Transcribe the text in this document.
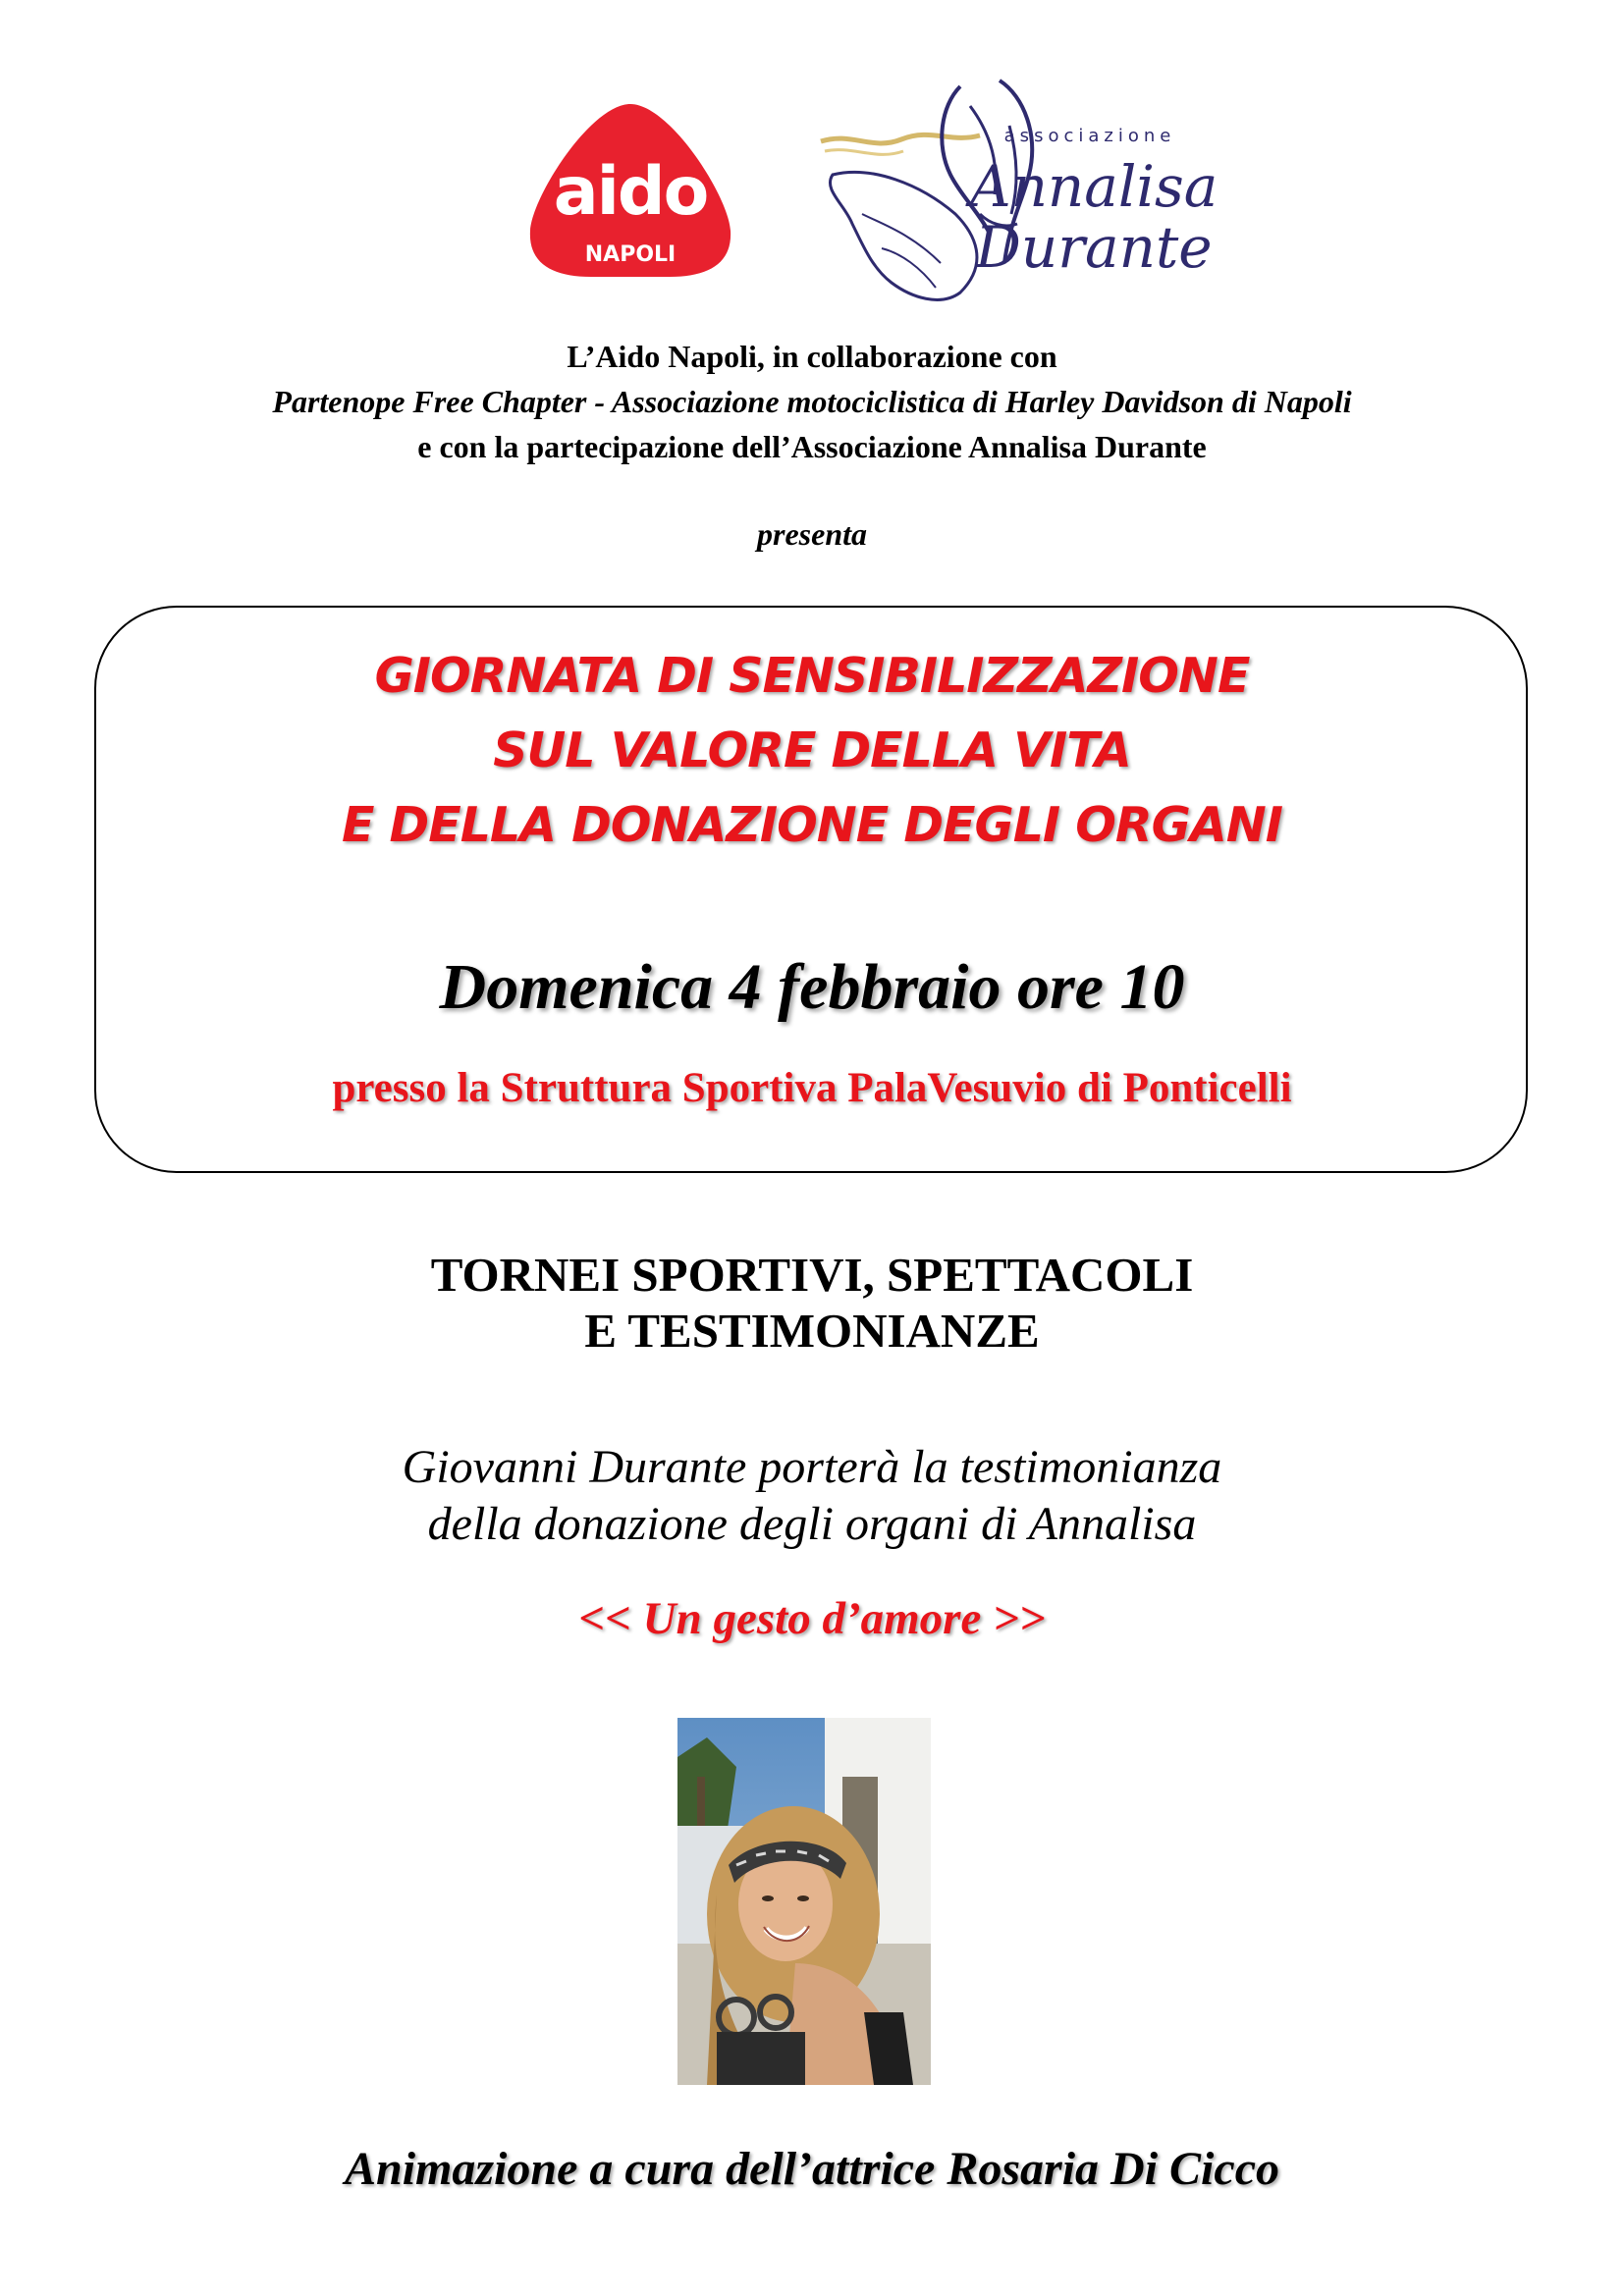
aido
NAPOLI
associazione
Annalisa
Durante
L’Aido Napoli, in collaborazione con
Partenope Free Chapter - Associazione motociclistica di Harley Davidson di Napoli
e con la partecipazione dell’Associazione Annalisa Durante
presenta
GIORNATA DI SENSIBILIZZAZIONE
SUL VALORE DELLA VITA
E DELLA DONAZIONE DEGLI ORGANI
Domenica 4 febbraio ore 10
presso la Struttura Sportiva PalaVesuvio di Ponticelli
TORNEI SPORTIVI, SPETTACOLI
E TESTIMONIANZE
Giovanni Durante porterà la testimonianza
della donazione degli organi di Annalisa
<< Un gesto d’amore >>
Animazione a cura dell’attrice Rosaria Di Cicco
